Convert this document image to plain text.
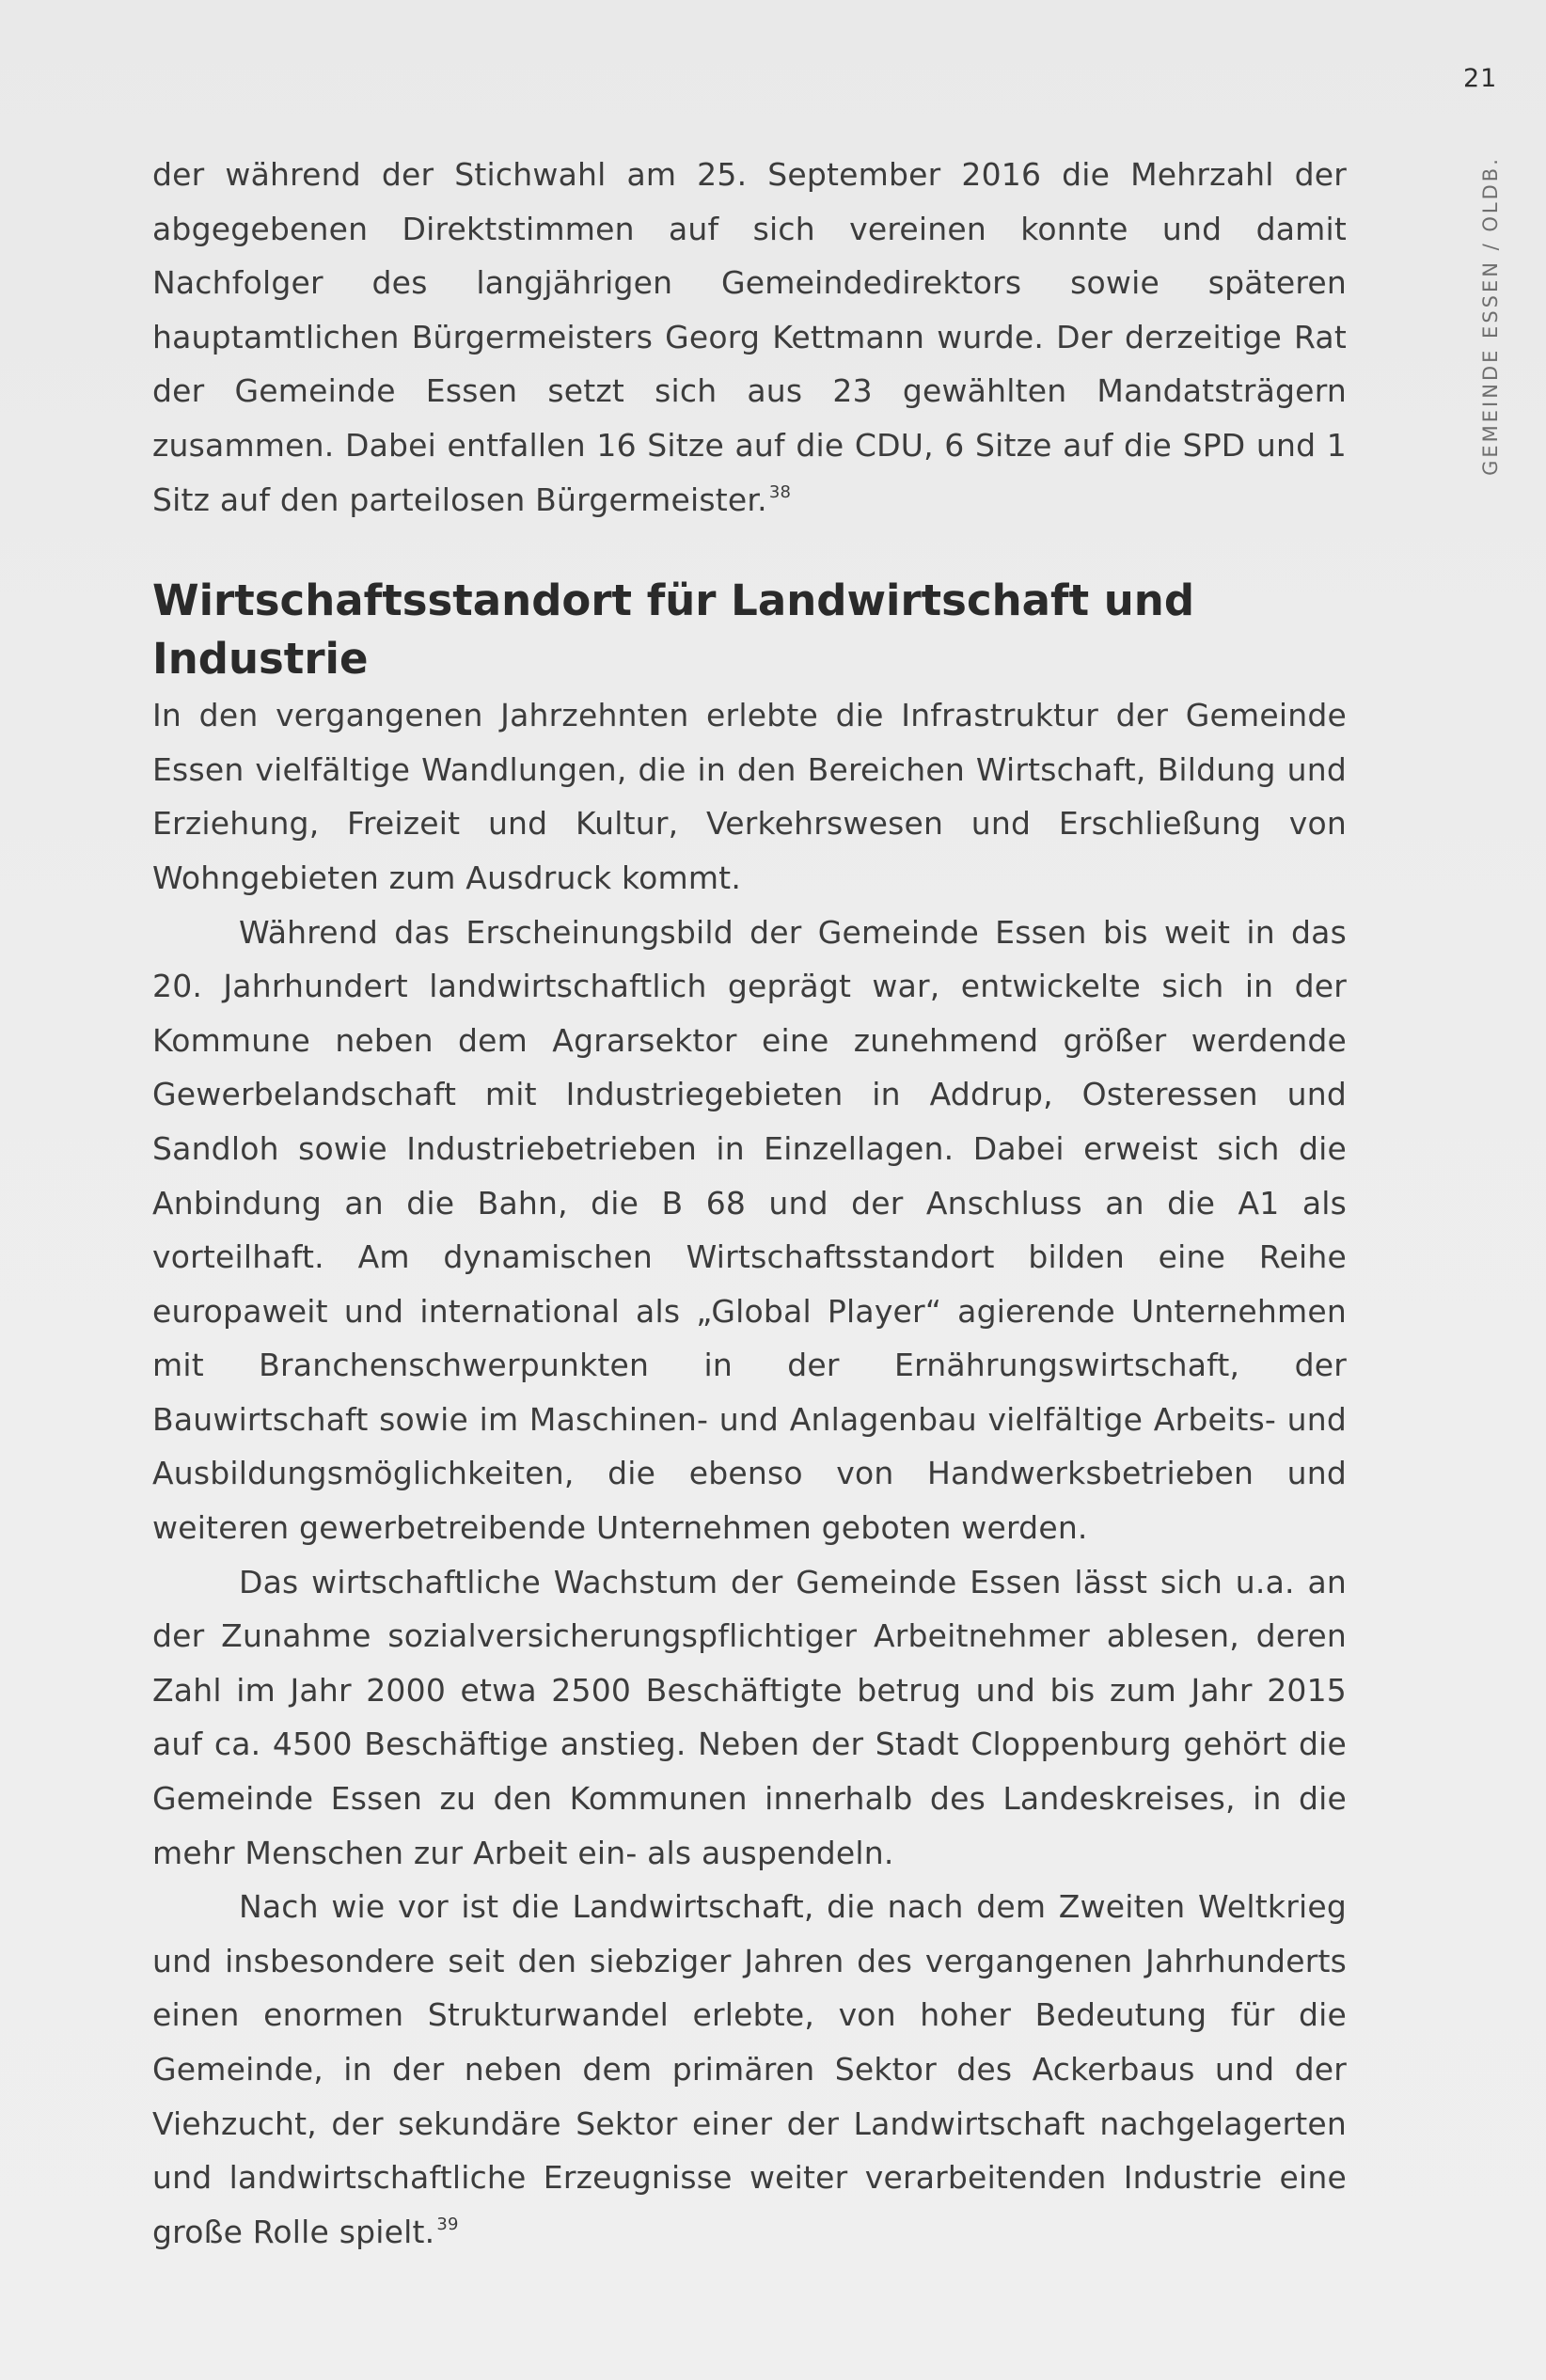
21
GEMEINDE ESSEN / OLDB.

der während der Stichwahl am 25. September 2016 die Mehrzahl der abgegebenen Direktstimmen auf sich vereinen konnte und damit Nachfolger des langjährigen Gemeindedirektors sowie späteren hauptamtlichen Bürgermeisters Georg Kettmann wurde. Der derzeitige Rat der Gemeinde Essen setzt sich aus 23 gewählten Mandatsträgern zusammen. Dabei entfallen 16 Sitze auf die CDU, 6 Sitze auf die SPD und 1 Sitz auf den parteilosen Bürgermeister. $^{38}$

Wirtschaftsstandort für Landwirtschaft und Industrie

In den vergangenen Jahrzehnten erlebte die Infrastruktur der Gemeinde Essen vielfältige Wandlungen, die in den Bereichen Wirtschaft, Bildung und Erziehung, Freizeit und Kultur, Verkehrswesen und Erschließung von Wohngebieten zum Ausdruck kommt.

Während das Erscheinungsbild der Gemeinde Essen bis weit in das 20. Jahrhundert landwirtschaftlich geprägt war, entwickelte sich in der Kommune neben dem Agrarsektor eine zunehmend größer werdende Gewerbelandschaft mit Industriegebieten in Addrup, Osteressen und Sandloh sowie Industriebetrieben in Einzellagen. Dabei erweist sich die Anbindung an die Bahn, die B 68 und der Anschluss an die A1 als vorteilhaft. Am dynamischen Wirtschaftsstandort bilden eine Reihe europaweit und international als „Global Player“ agierende Unternehmen mit Branchenschwerpunkten in der Ernährungswirtschaft, der Bauwirtschaft sowie im Maschinen- und Anlagenbau vielfältige Arbeits- und Ausbildungsmöglichkeiten, die ebenso von Handwerksbetrieben und weiteren gewerbetreibende Unternehmen geboten werden.

Das wirtschaftliche Wachstum der Gemeinde Essen lässt sich u.a. an der Zunahme sozialversicherungspflichtiger Arbeitnehmer ablesen, deren Zahl im Jahr 2000 etwa 2500 Beschäftigte betrug und bis zum Jahr 2015 auf ca. 4500 Beschäftige anstieg. Neben der Stadt Cloppenburg gehört die Gemeinde Essen zu den Kommunen innerhalb des Landeskreises, in die mehr Menschen zur Arbeit ein- als auspendeln.

Nach wie vor ist die Landwirtschaft, die nach dem Zweiten Weltkrieg und insbesondere seit den siebziger Jahren des vergangenen Jahrhunderts einen enormen Strukturwandel erlebte, von hoher Bedeutung für die Gemeinde, in der neben dem primären Sektor des Ackerbaus und der Viehzucht, der sekundäre Sektor einer der Landwirtschaft nachgelagerten und landwirtschaftliche Erzeugnisse weiter verarbeitenden Industrie eine große Rolle spielt. $^{39}$
